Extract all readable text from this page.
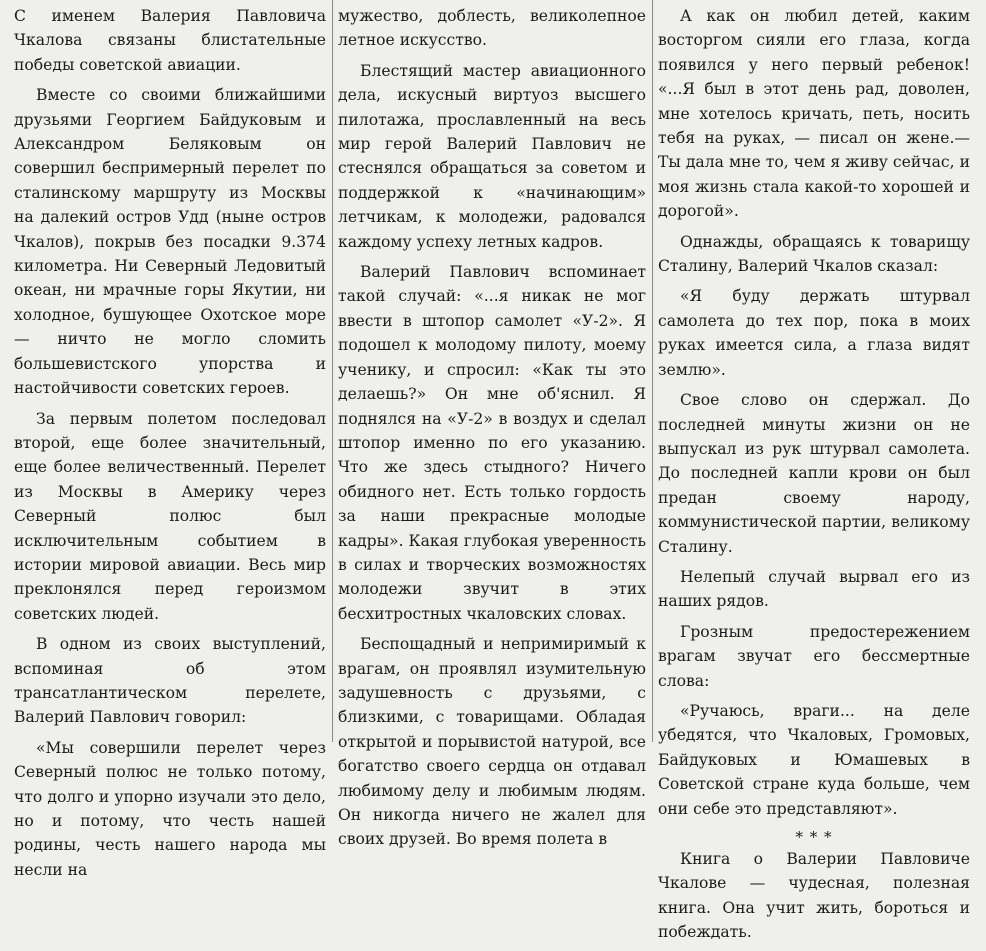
С именем Валерия Павловича Чкалова связаны блистательные победы советской авиации.

Вместе со своими ближайшими друзьями Георгием Байдуковым и Александром Беляковым он совершил беспримерный перелет по сталинскому маршруту из Москвы на далекий остров Удд (ныне остров Чкалов), покрыв без посадки 9.374 километра. Ни Северный Ледовитый океан, ни мрачные горы Якутии, ни холодное, бушующее Охотское море — ничто не могло сломить большевистского упорства и настойчивости советских героев.

За первым полетом последовал второй, еще более значительный, еще более величественный. Перелет из Москвы в Америку через Северный полюс был исключительным событием в истории мировой авиации. Весь мир преклонялся перед героизмом советских людей.

В одном из своих выступлений, вспоминая об этом трансатлантическом перелете, Валерий Павлович говорил:

«Мы совершили перелет через Северный полюс не только потому, что долго и упорно изучали это дело, но и потому, что честь нашей родины, честь нашего народа мы несли на

мужество, доблесть, великолепное летное искусство.

Блестящий мастер авиационного дела, искусный виртуоз высшего пилотажа, прославленный на весь мир герой Валерий Павлович не стеснялся обращаться за советом и поддержкой к «начинающим» летчикам, к молодежи, радовался каждому успеху летных кадров.

Валерий Павлович вспоминает такой случай: «...я никак не мог ввести в штопор самолет «У-2». Я подошел к молодому пилоту, моему ученику, и спросил: «Как ты это делаешь?» Он мне об'яснил. Я поднялся на «У-2» в воздух и сделал штопор именно по его указанию. Что же здесь стыдного? Ничего обидного нет. Есть только гордость за наши прекрасные молодые кадры». Какая глубокая уверенность в силах и творческих возможностях молодежи звучит в этих бесхитростных чкаловских словах.

Беспощадный и непримиримый к врагам, он проявлял изумительную задушевность с друзьями, с близкими, с товарищами. Обладая открытой и порывистой натурой, все богатство своего сердца он отдавал любимому делу и любимым людям. Он никогда ничего не жалел для своих друзей. Во время полета в

А как он любил детей, каким восторгом сияли его глаза, когда появился у него первый ребенок! «...Я был в этот день рад, доволен, мне хотелось кричать, петь, носить тебя на руках, — писал он жене.— Ты дала мне то, чем я живу сейчас, и моя жизнь стала какой-то хорошей и дорогой».

Однажды, обращаясь к товарищу Сталину, Валерий Чкалов сказал:

«Я буду держать штурвал самолета до тех пор, пока в моих руках имеется сила, а глаза видят землю».

Свое слово он сдержал. До последней минуты жизни он не выпускал из рук штурвал самолета. До последней капли крови он был предан своему народу, коммунистической партии, великому Сталину.

Нелепый случай вырвал его из наших рядов.

Грозным предостережением врагам звучат его бессмертные слова:

«Ручаюсь, враги... на деле убедятся, что Чкаловых, Громовых, Байдуковых и Юмашевых в Советской стране куда больше, чем они себе это представляют».

* * *

Книга о Валерии Павловиче Чкалове — чудесная, полезная книга. Она учит жить, бороться и побеждать.
